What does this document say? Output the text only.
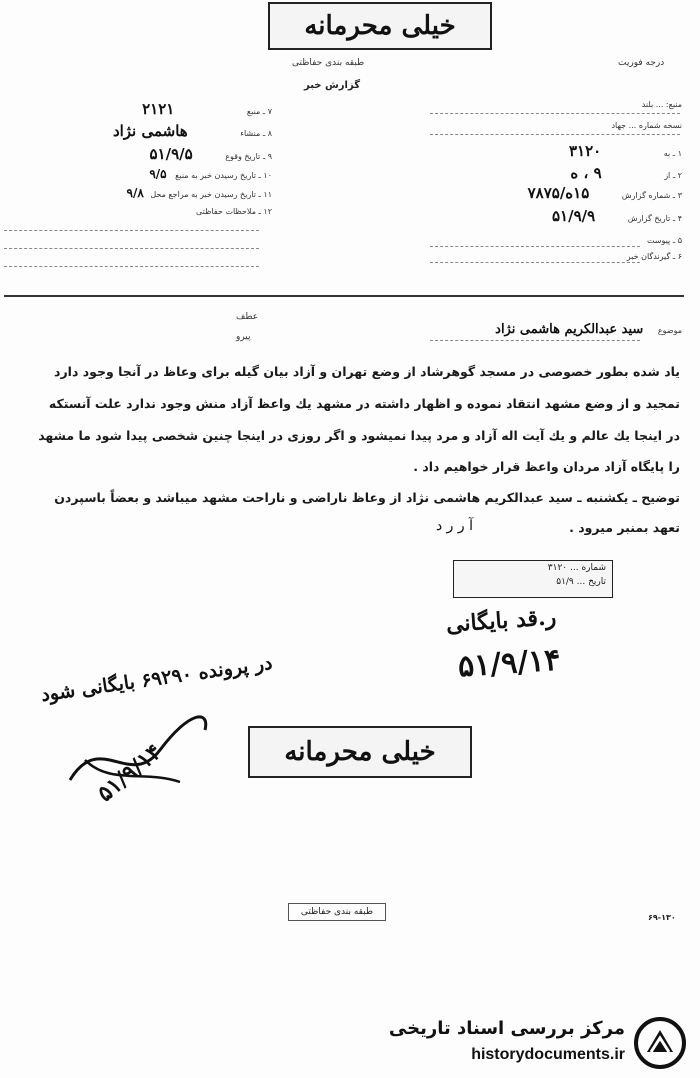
خیلی محرمانه
طبقه بندی حفاظتی	درجه فوریت
گزارش خبر
منبع: ... بلند
نسخه شماره ... جهاد
۱ ـ به ۳۱۲۰
۲ ـ از ۹ ، ه
۳ ـ شماره گزارش ۱۵ه/۷۸۷۵
۴ ـ تاریخ گزارش ۵۱/۹/۹
۵ ـ پیوست
۶ ـ گیرندگان خبر
۷ ـ منبع ۲۱۲۱
۸ ـ منشاء هاشمی نژاد
۹ ـ تاریخ وقوع ۵۱/۹/۵
۱۰ ـ تاریخ رسیدن خبر به منبع ۹/۵
۱۱ ـ تاریخ رسیدن خبر به مراجع محل ۹/۸
۱۲ ـ ملاحظات حفاظتی
عطف
پیرو
موضوع سید عبدالکریم هاشمی نژاد
یاد شده بطور خصوصی در مسجد گوهرشاد از وضع تهران و آزاد بیان گیله برای وعاظ در آنجا وجود دارد
تمجید و از وضع مشهد انتقاد نموده و اظهار داشته در مشهد یك واعظ آزاد منش وجود ندارد علت آنستكه
در اینجا یك عالم و یك آیت اله آزاد و مرد پیدا نمیشود و اگر روزی در اینجا چنین شخصی پیدا شود ما مشهد
را پایگاه آزاد مردان واعظ قرار خواهیم داد .
توضیح ـ یکشنبه ـ سید عبدالکریم هاشمی نژاد از وعاظ ناراضی و ناراحت مشهد میباشد و بعضاً باسپردن
تعهد بمنبر میرود .
آ ر ر د
شماره ... ۳۱۲۰
تاریخ ... ۵۱/۹
ر.قد بایگانی
۵۱/۹/۱۴
در پرونده ۶۹۲۹۰ بایگانی شود
۵۱/۹/۱۴	خیلی محرمانه
طبقه بندی حفاظتی
۶۹-۱۳۰
مرکز بررسی اسناد تاریخی
historydocuments.ir
